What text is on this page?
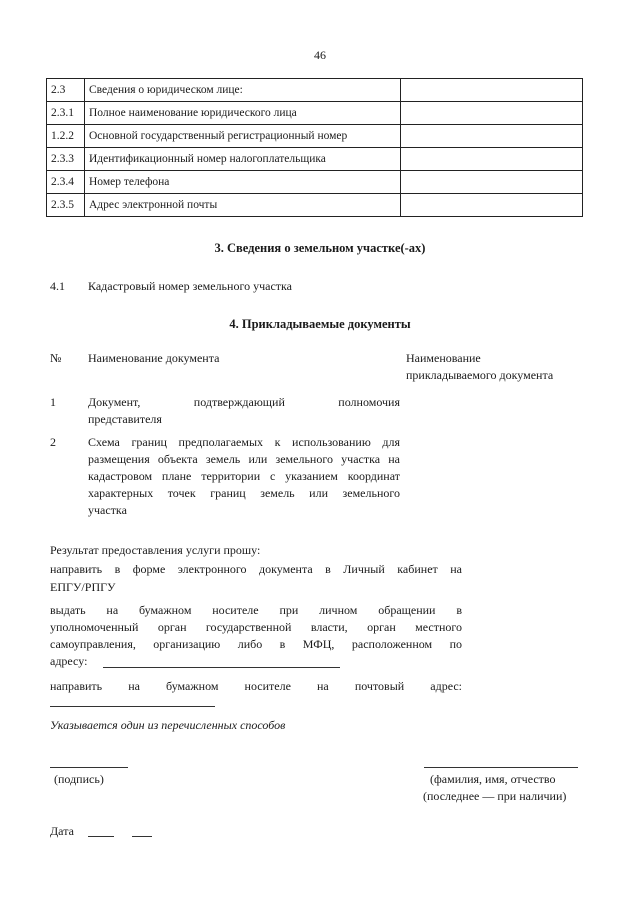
46
2.3	Сведения о юридическом лице:	
2.3.1	Полное наименование юридического лица	
1.2.2	Основной государственный регистрационный номер	
2.3.3	Идентификационный номер налогоплательщика	
2.3.4	Номер телефона	
2.3.5	Адрес электронной почты	
3. Сведения о земельном участке(-ах)
4.1 Кадастровый номер земельного участка
4. Прикладываемые документы
№ Наименование документа	Наименование
прикладываемого документа
1	Документ, подтверждающий полномочия
представителя
2	Схема границ предполагаемых к использованию для
размещения объекта земель или земельного участка на
кадастровом плане территории с указанием координат
характерных точек границ земель или земельного
участка
Результат предоставления услуги прошу:
направить в форме электронного документа в Личный кабинет на
ЕПГУ/РПГУ
выдать на бумажном носителе при личном обращении в
уполномоченный орган государственной власти, орган местного
самоуправления, организацию либо в МФЦ, расположенном по
адресу:
направить на бумажном носителе на почтовый адрес:
Указывается один из перечисленных способов
(подпись)	(фамилия, имя, отчество
(последнее — при наличии)
Дата
